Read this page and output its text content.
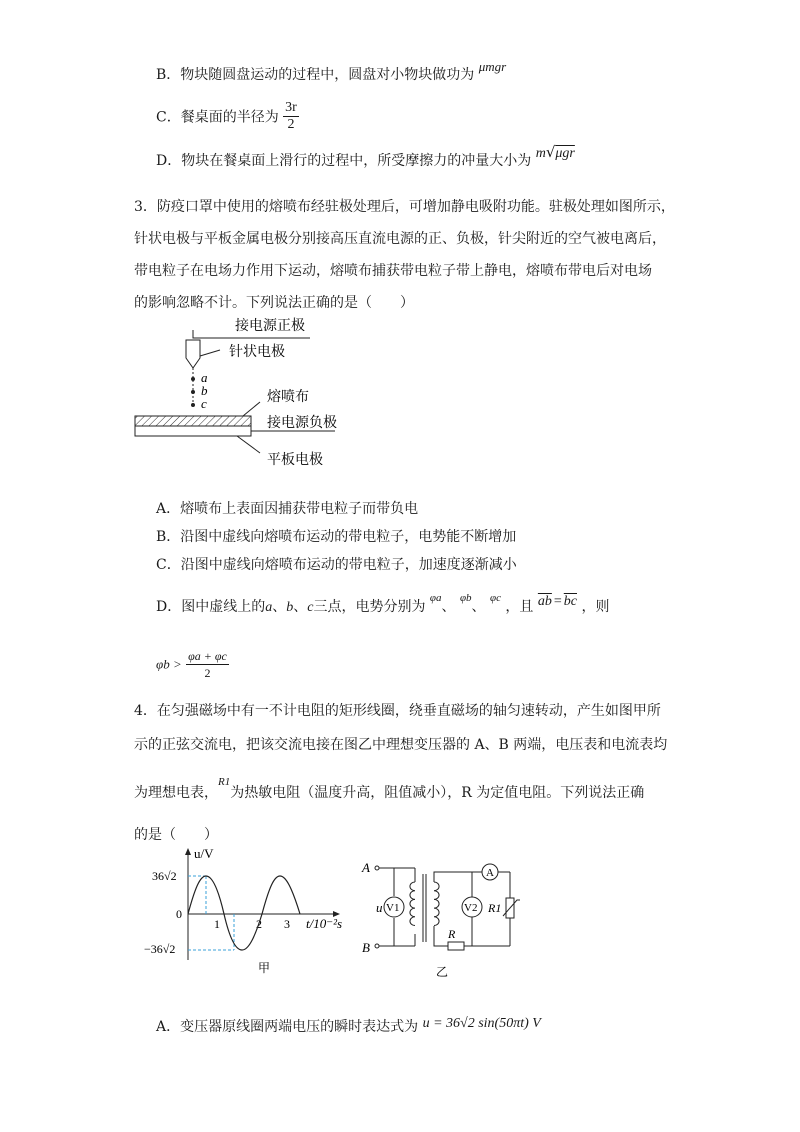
B．物块随圆盘运动的过程中，圆盘对小物块做功为 μmgr
C．餐桌面的半径为 $\frac{3r}{2}$
D．物块在餐桌面上滑行的过程中，所受摩擦力的冲量大小为 m√μgr
3．防疫口罩中使用的熔喷布经驻极处理后，可增加静电吸附功能。驻极处理如图所示，
针状电极与平板金属电极分别接高压直流电源的正、负极，针尖附近的空气被电离后，
带电粒子在电场力作用下运动，熔喷布捕获带电粒子带上静电，熔喷布带电后对电场
的影响忽略不计。下列说法正确的是（　　）
接电源正极
针状电极
a
b
c	熔喷布
接电源负极
平板电极
A．熔喷布上表面因捕获带电粒子而带负电
B．沿图中虚线向熔喷布运动的带电粒子，电势能不断增加
C．沿图中虚线向熔喷布运动的带电粒子，加速度逐渐减小
D．图中虚线上的a、b、c三点，电势分别为 $^{\varphi a}$、 $^{\varphi b}$、 $^{\varphi c}$ ，且 $\overline{ab} = \overline{bc}$ ，则
$\varphi b > \frac{\varphi a + \varphi c}{2}$
4．在匀强磁场中有一不计电阻的矩形线圈，绕垂直磁场的轴匀速转动，产生如图甲所
示的正弦交流电，把该交流电接在图乙中理想变压器的 A、B 两端，电压表和电流表均
为理想电表，$^{R1}$为热敏电阻（温度升高，阻值减小），R 为定值电阻。下列说法正确
的是（　　）
u/V
t/10⁻²s
36√2
−36√2
0
1	2 3
甲
A
B
V1
u
R
A
V2 R1
乙
A．变压器原线圈两端电压的瞬时表达式为 u = 36√2 sin(50πt) V
